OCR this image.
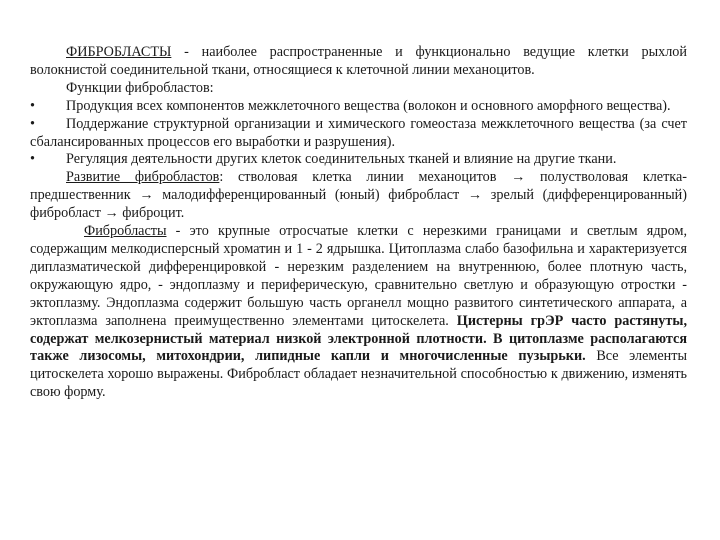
ФИБРОБЛАСТЫ - наиболее распространенные и функционально ведущие клетки рыхлой волокнистой соединительной ткани, относящиеся к клеточной линии механоцитов.

Функции фибробластов:

• Продукция всех компонентов межклеточного вещества (волокон и основного аморфного вещества).

• Поддержание структурной организации и химического гомеостаза межклеточного вещества (за счет сбалансированных процессов его выработки и разрушения).

• Регуляция деятельности других клеток соединительных тканей и влияние на другие ткани.

Развитие фибробластов: стволовая клетка линии механоцитов → полустволовая клетка-предшественник → малодифференцированный (юный) фибробласт → зрелый (дифференцированный) фибробласт → фиброцит.

Фибробласты - это крупные отросчатые клетки с нерезкими границами и светлым ядром, содержащим мелкодисперсный хроматин и 1 - 2 ядрышка. Цитоплазма слабо базофильна и характеризуется диплазматической дифференцировкой - нерезким разделением на внутреннюю, более плотную часть, окружающую ядро, - эндоплазму и периферическую, сравнительно светлую и образующую отростки - эктоплазму. Эндоплазма содержит большую часть органелл мощно развитого синтетического аппарата, а эктоплазма заполнена преимущественно элементами цитоскелета. Цистерны грЭР часто растянуты, содержат мелкозернистый материал низкой электронной плотности. В цитоплазме располагаются также лизосомы, митохондрии, липидные капли и многочисленные пузырьки. Все элементы цитоскелета хорошо выражены. Фибробласт обладает незначительной способностью к движению, изменять свою форму.
